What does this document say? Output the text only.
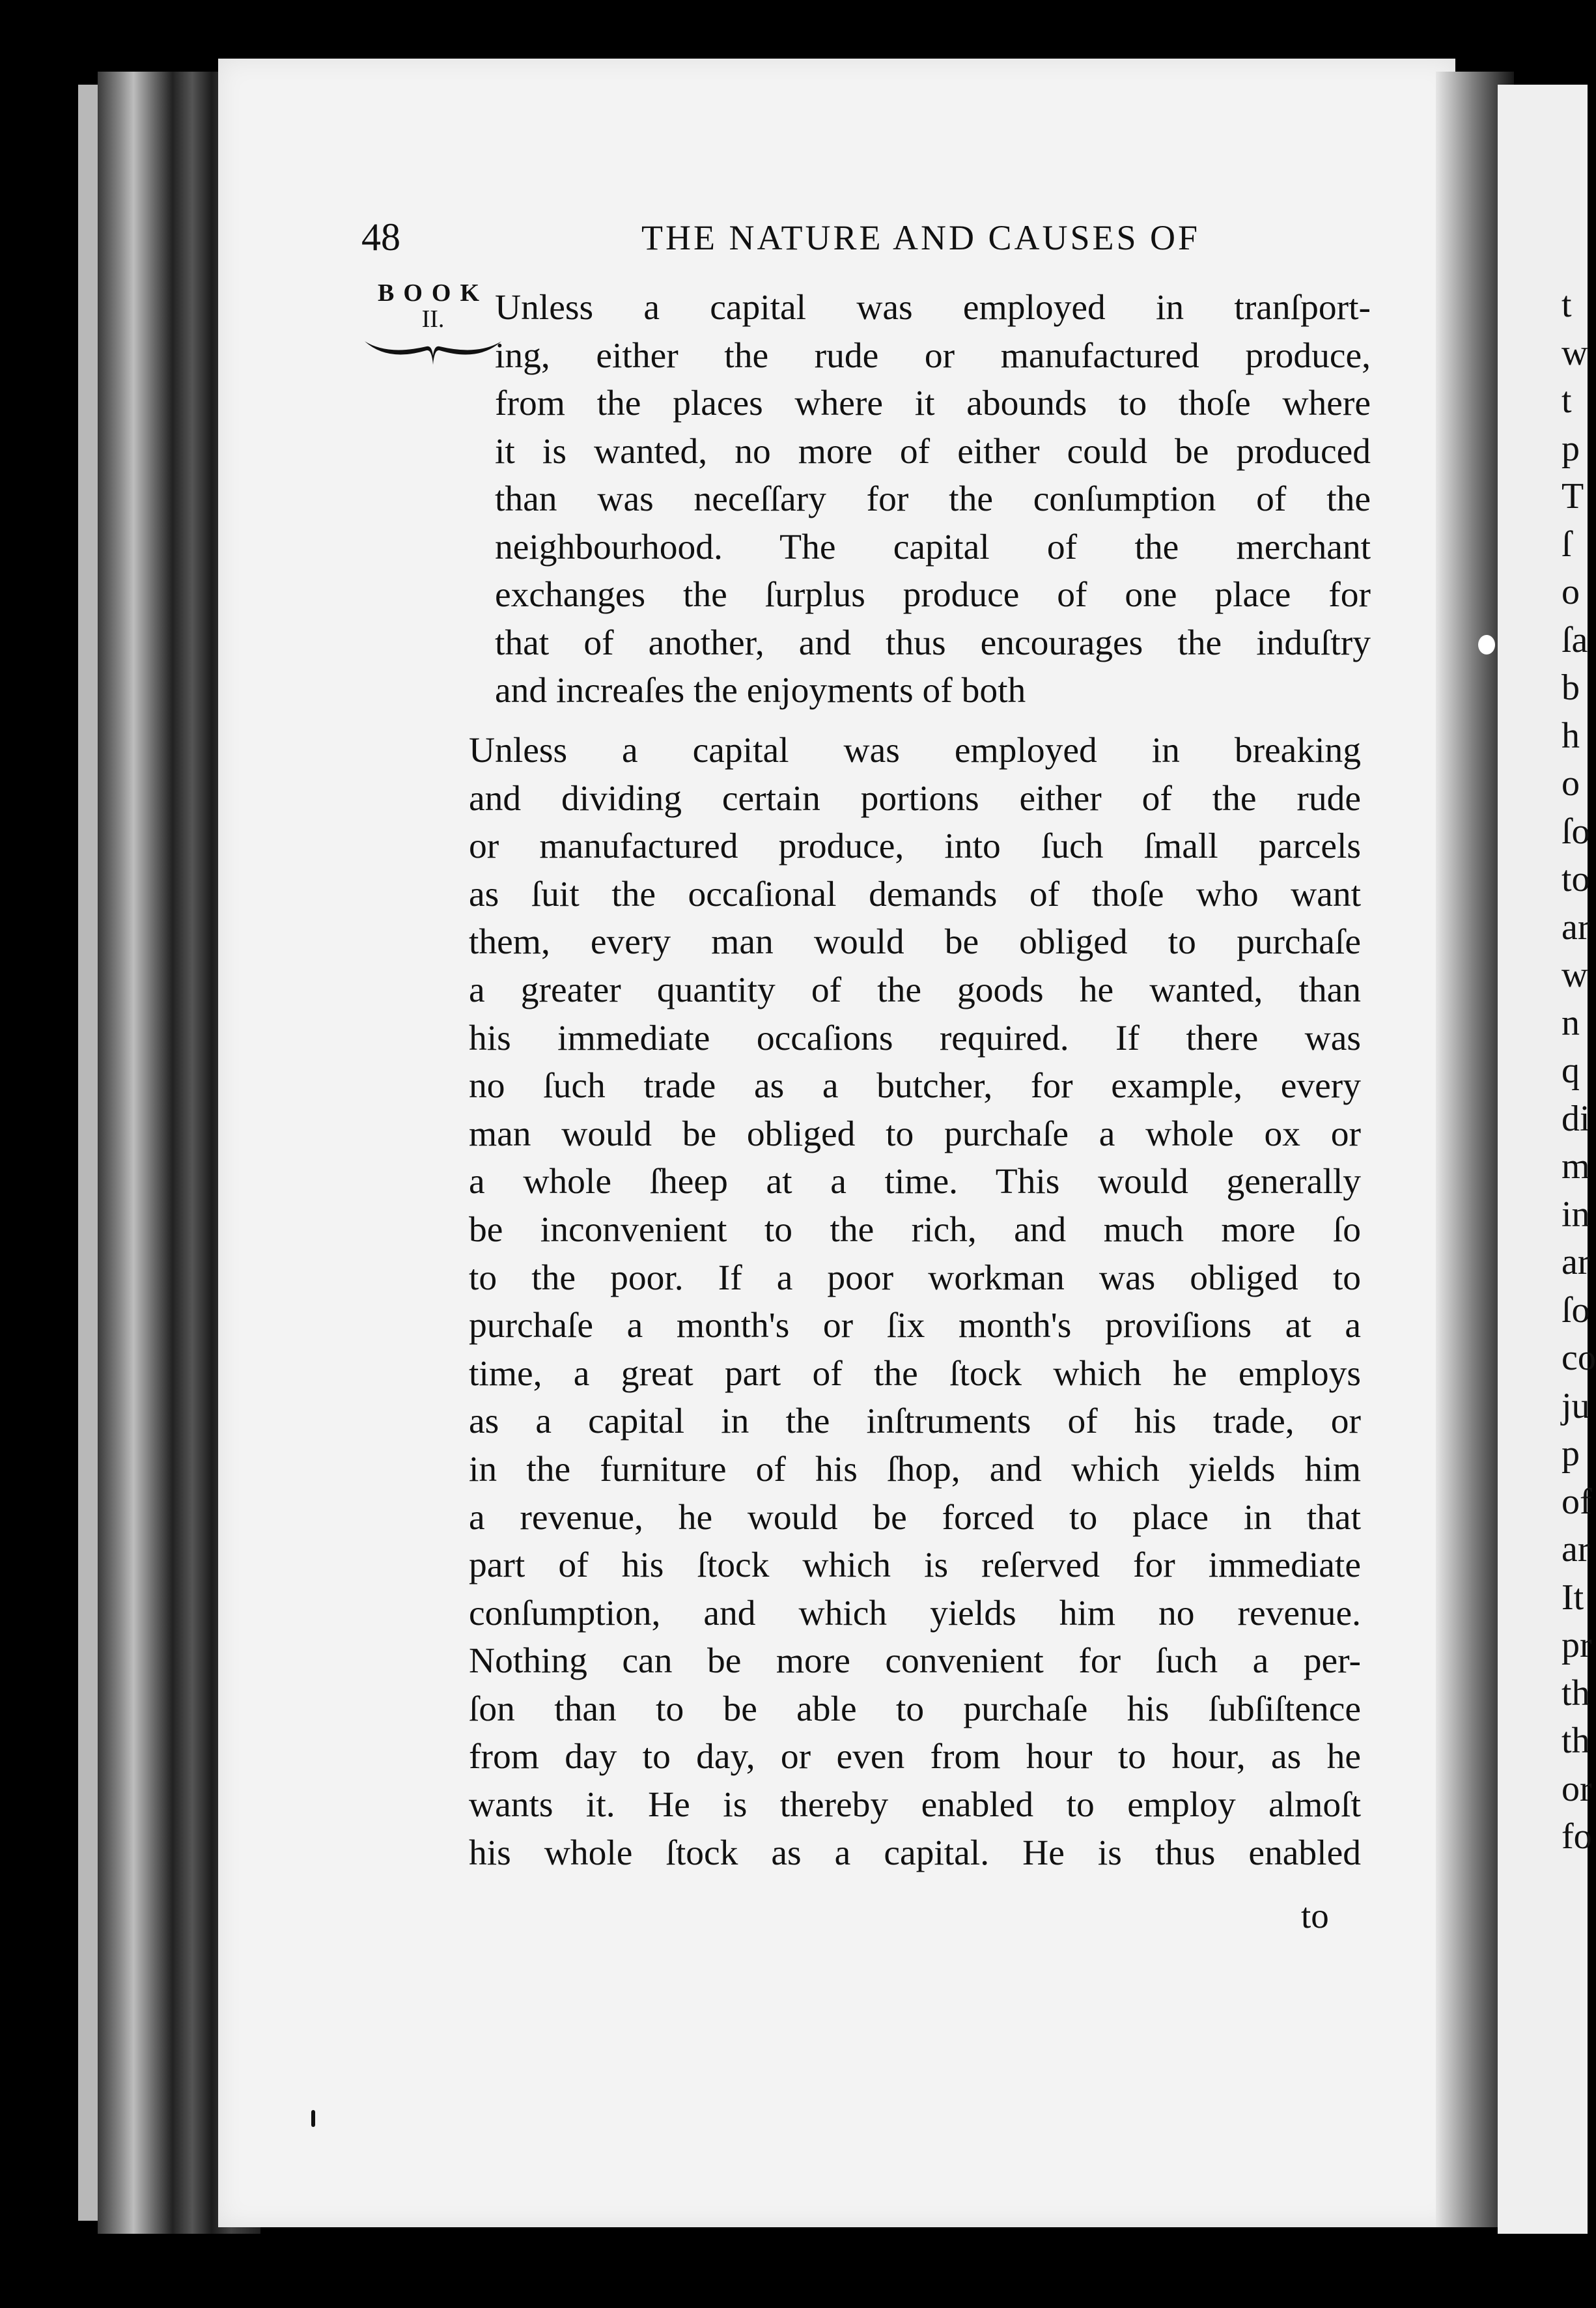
t
w
t
p
T
ſ
o
ſa
b
h
o
ſo
to
ar
w
n
q
di
m
in
ar
ſo
co
ju
p
of
ar
It
pr
th
th
or
fo
48	THE NATURE AND CAUSES OF
BOOK
II.	Unless a capital was employed in tranſport-
ing, either the rude or manufactured produce,
from the places where it abounds to thoſe where
it is wanted, no more of either could be produced
than was neceſſary for the conſumption of the
neighbourhood. The capital of the merchant
exchanges the ſurplus produce of one place for
that of another, and thus encourages the induſtry
and increaſes the enjoyments of both
Unless a capital was employed in breaking
and dividing certain portions either of the rude
or manufactured produce, into ſuch ſmall parcels
as ſuit the occaſional demands of thoſe who want
them, every man would be obliged to purchaſe
a greater quantity of the goods he wanted, than
his immediate occaſions required. If there was
no ſuch trade as a butcher, for example, every
man would be obliged to purchaſe a whole ox or
a whole ſheep at a time. This would generally
be inconvenient to the rich, and much more ſo
to the poor. If a poor workman was obliged to
purchaſe a month's or ſix month's proviſions at a
time, a great part of the ſtock which he employs
as a capital in the inſtruments of his trade, or
in the furniture of his ſhop, and which yields him
a revenue, he would be forced to place in that
part of his ſtock which is reſerved for immediate
conſumption, and which yields him no revenue.
Nothing can be more convenient for ſuch a per-
ſon than to be able to purchaſe his ſubſiſtence
from day to day, or even from hour to hour, as he
wants it. He is thereby enabled to employ almoſt
his whole ſtock as a capital. He is thus enabled
to
